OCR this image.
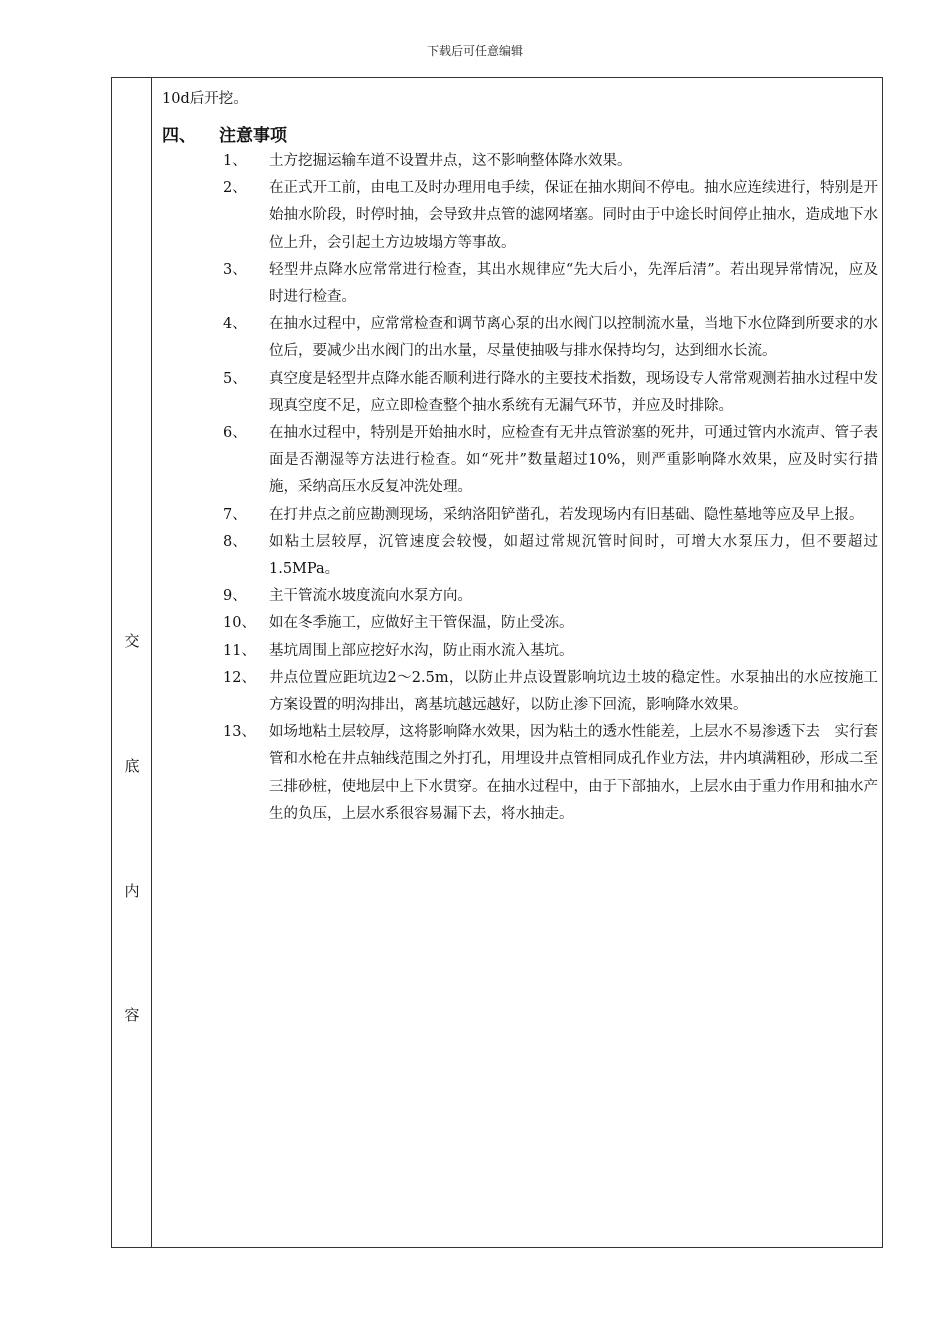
下载后可任意编辑
交
底
内
容
10d后开挖。
四、 注意事项
1、	土方挖掘运输车道不设置井点，这不影响整体降水效果。
2、	在正式开工前，由电工及时办理用电手续，保证在抽水期间不停电。抽水应连续进行，特别是开始抽水阶段，时停时抽，会导致井点管的滤网堵塞。同时由于中途长时间停止抽水，造成地下水位上升，会引起土方边坡塌方等事故。
3、	轻型井点降水应常常进行检查，其出水规律应“先大后小，先浑后清”。若出现异常情况，应及时进行检查。
4、	在抽水过程中，应常常检查和调节离心泵的出水阀门以控制流水量，当地下水位降到所要求的水位后，要减少出水阀门的出水量，尽量使抽吸与排水保持均匀，达到细水长流。
5、	真空度是轻型井点降水能否顺利进行降水的主要技术指数，现场设专人常常观测若抽水过程中发现真空度不足，应立即检查整个抽水系统有无漏气环节，并应及时排除。
6、	在抽水过程中，特别是开始抽水时，应检查有无井点管淤塞的死井，可通过管内水流声、管子表面是否潮湿等方法进行检查。如“死井”数量超过10%，则严重影响降水效果，应及时实行措施，采纳高压水反复冲洗处理。
7、	在打井点之前应勘测现场，采纳洛阳铲凿孔，若发现场内有旧基础、隐性墓地等应及早上报。
8、	如粘土层较厚，沉管速度会较慢，如超过常规沉管时间时，可增大水泵压力，但不要超过1.5MPa。
9、	主干管流水坡度流向水泵方向。
10、 如在冬季施工，应做好主干管保温，防止受冻。
11、 基坑周围上部应挖好水沟，防止雨水流入基坑。
12、 井点位置应距坑边2～2.5m，以防止井点设置影响坑边土坡的稳定性。水泵抽出的水应按施工方案设置的明沟排出，离基坑越远越好，以防止渗下回流，影响降水效果。
13、 如场地粘土层较厚，这将影响降水效果，因为粘土的透水性能差，上层水不易渗透下去　实行套管和水枪在井点轴线范围之外打孔，用埋设井点管相同成孔作业方法，井内填满粗砂，形成二至三排砂桩，使地层中上下水贯穿。在抽水过程中，由于下部抽水，上层水由于重力作用和抽水产生的负压，上层水系很容易漏下去，将水抽走。
